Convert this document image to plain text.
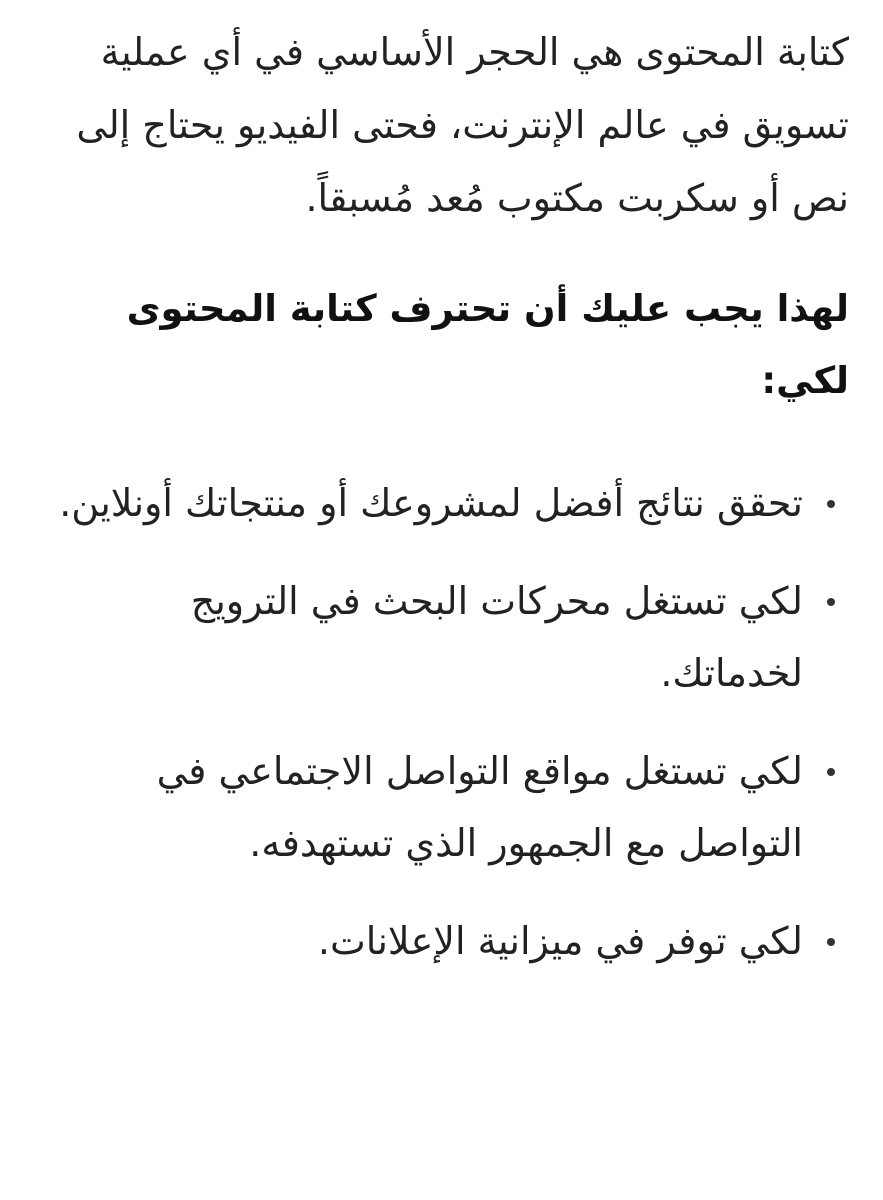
كتابة المحتوى هي الحجر الأساسي في أي عملية تسويق في عالم الإنترنت، فحتى الفيديو يحتاج إلى نص أو سكربت مكتوب مُعد مُسبقاً.

لهذا يجب عليك أن تحترف كتابة المحتوى لكي:
تحقق نتائج أفضل لمشروعك أو منتجاتك أونلاين.
لكي تستغل محركات البحث في الترويج لخدماتك.
لكي تستغل مواقع التواصل الاجتماعي في التواصل مع الجمهور الذي تستهدفه.
لكي توفر في ميزانية الإعلانات.
